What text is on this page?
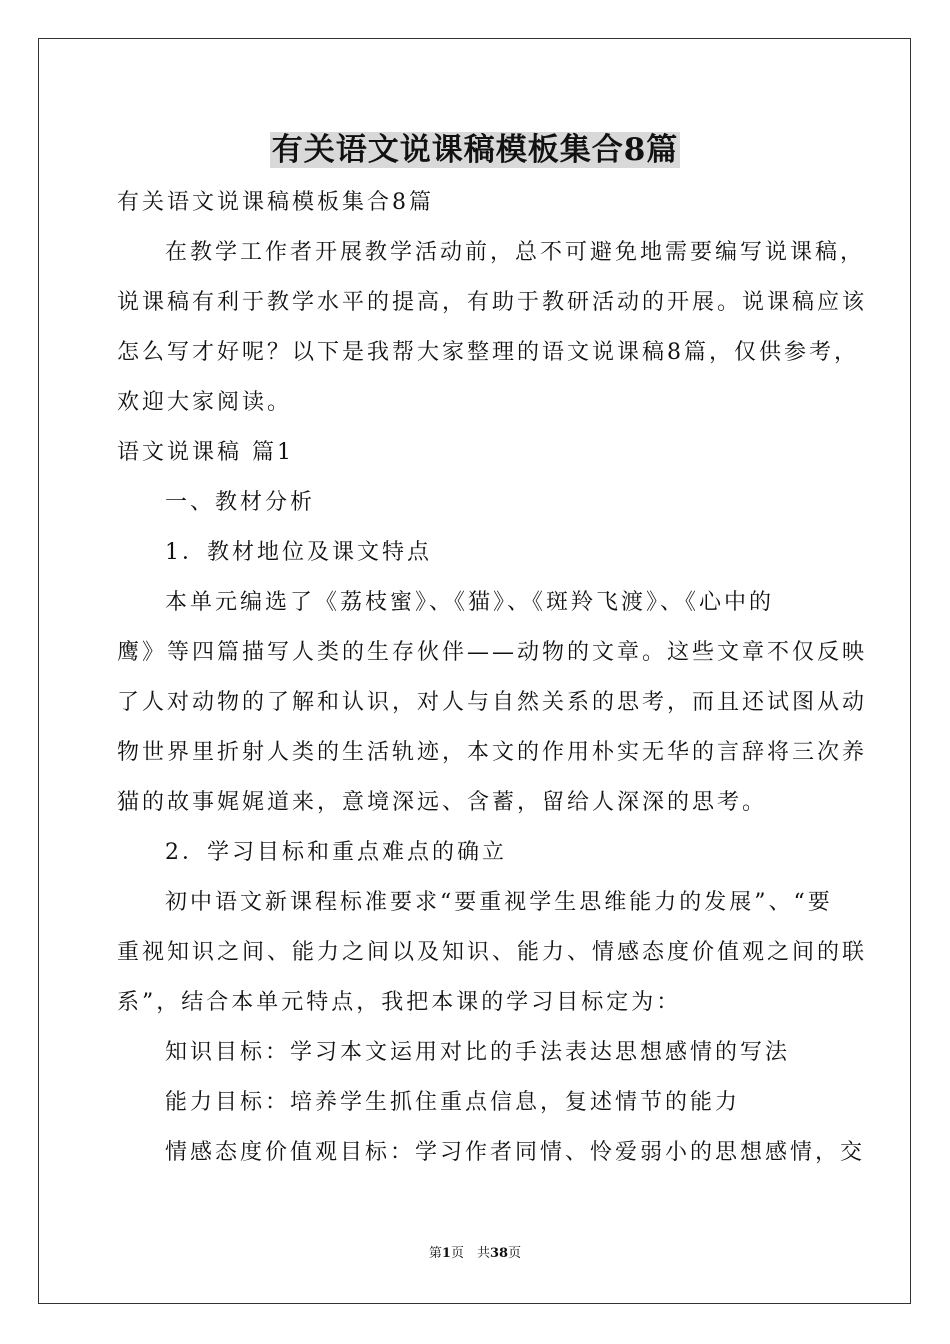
有关语文说课稿模板集合8篇
有关语文说课稿模板集合8篇
在教学工作者开展教学活动前，总不可避免地需要编写说课稿，
说课稿有利于教学水平的提高，有助于教研活动的开展。说课稿应该
怎么写才好呢？以下是我帮大家整理的语文说课稿8篇，仅供参考，
欢迎大家阅读。
语文说课稿 篇1
一、教材分析
1．教材地位及课文特点
本单元编选了《荔枝蜜》、《猫》、《斑羚飞渡》、《心中的
鹰》等四篇描写人类的生存伙伴——动物的文章。这些文章不仅反映
了人对动物的了解和认识，对人与自然关系的思考，而且还试图从动
物世界里折射人类的生活轨迹，本文的作用朴实无华的言辞将三次养
猫的故事娓娓道来，意境深远、含蓄，留给人深深的思考。
2．学习目标和重点难点的确立
初中语文新课程标准要求“要重视学生思维能力的发展”、“要
重视知识之间、能力之间以及知识、能力、情感态度价值观之间的联
系”，结合本单元特点，我把本课的学习目标定为：
知识目标：学习本文运用对比的手法表达思想感情的写法
能力目标：培养学生抓住重点信息，复述情节的能力
情感态度价值观目标：学习作者同情、怜爱弱小的思想感情，交
第1页　共38页
